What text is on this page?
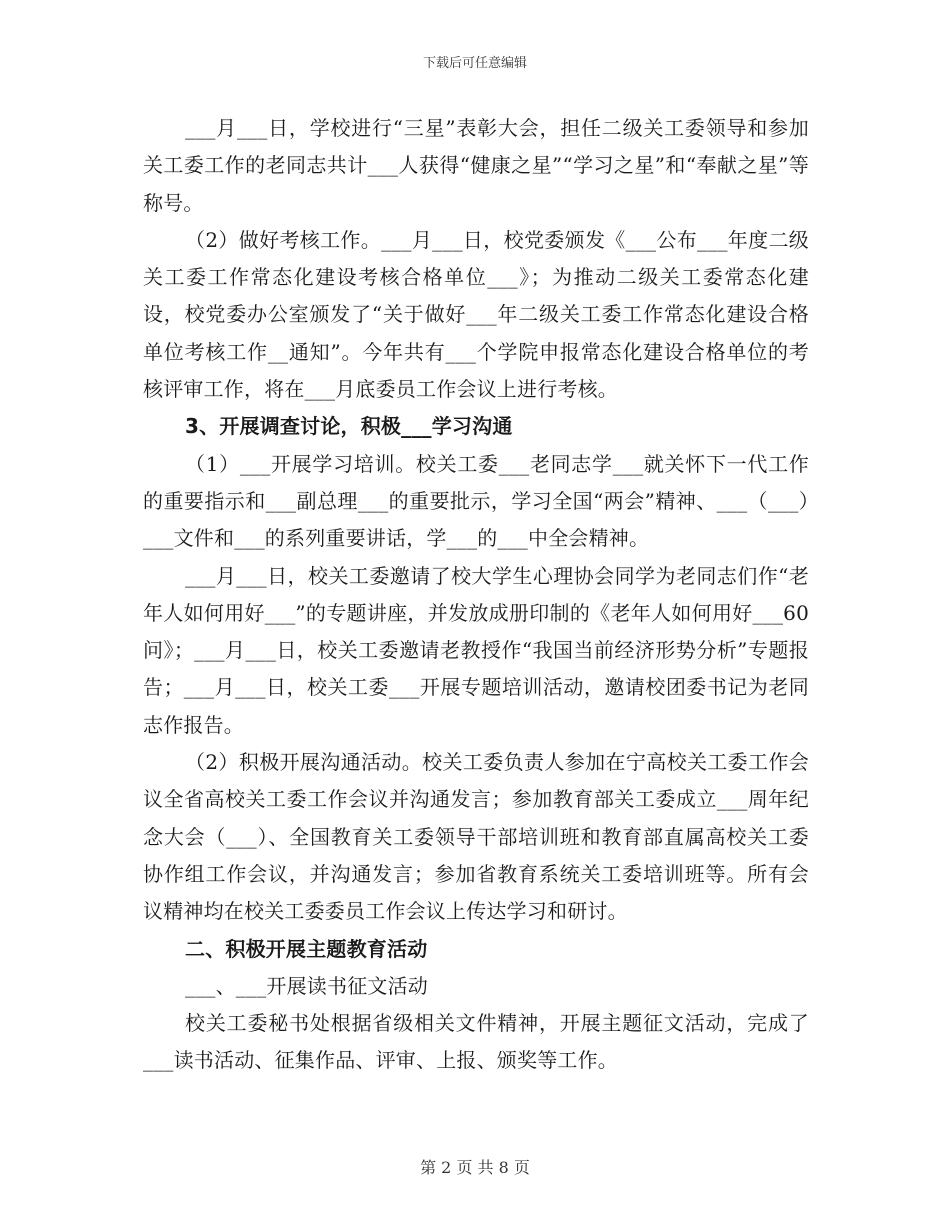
下载后可任意编辑

___月___日，学校进行“三星”表彰大会，担任二级关工委领导和参加关工委工作的老同志共计___人获得“健康之星”“学习之星”和“奉献之星”等称号。

（2）做好考核工作。___月___日，校党委颁发《___公布___年度二级关工委工作常态化建设考核合格单位___》；为推动二级关工委常态化建设，校党委办公室颁发了“关于做好___年二级关工委工作常态化建设合格单位考核工作__通知”。今年共有___个学院申报常态化建设合格单位的考核评审工作，将在___月底委员工作会议上进行考核。

3、开展调查讨论，积极___学习沟通

（1）___开展学习培训。校关工委___老同志学___就关怀下一代工作的重要指示和___副总理___的重要批示，学习全国“两会”精神、___（___）___文件和___的系列重要讲话，学___的___中全会精神。

___月___日，校关工委邀请了校大学生心理协会同学为老同志们作“老年人如何用好___”的专题讲座，并发放成册印制的《老年人如何用好___60问》；___月___日，校关工委邀请老教授作“我国当前经济形势分析”专题报告；___月___日，校关工委___开展专题培训活动，邀请校团委书记为老同志作报告。

（2）积极开展沟通活动。校关工委负责人参加在宁高校关工委工作会议全省高校关工委工作会议并沟通发言；参加教育部关工委成立___周年纪念大会（___）、全国教育关工委领导干部培训班和教育部直属高校关工委协作组工作会议，并沟通发言；参加省教育系统关工委培训班等。所有会议精神均在校关工委委员工作会议上传达学习和研讨。

二、积极开展主题教育活动

___、___开展读书征文活动

校关工委秘书处根据省级相关文件精神，开展主题征文活动，完成了___读书活动、征集作品、评审、上报、颁奖等工作。

第 2 页 共 8 页
